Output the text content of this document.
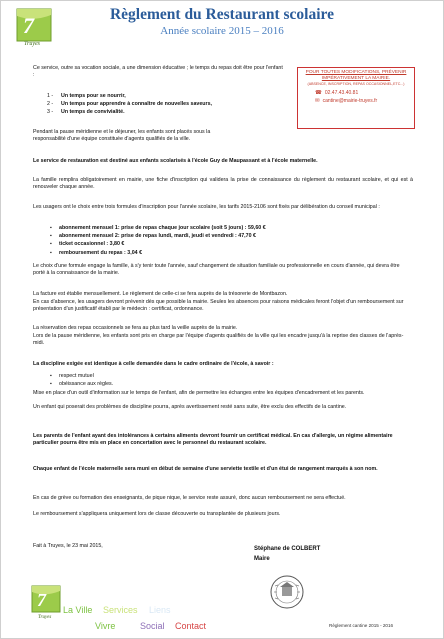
7
Truyes
Règlement du Restaurant scolaire
Année scolaire 2015 – 2016
POUR TOUTES MODIFICATIONS, PRÉVENIR
IMPÉRATIVEMENT LA MAIRIE.
(ABSENCE, INSCRIPTION, REPAS OCCASIONNEL,ETC...)
☎ 02.47.43.40.81
✉ cantine@mairie-truyes.fr
Ce service, outre sa vocation sociale, a une dimension éducative ; le temps du repas doit être pour l'enfant :
1 - Un temps pour se nourrir,
2 - Un temps pour apprendre à connaître de nouvelles saveurs,
3 - Un temps de convivialité.
Pendant la pause méridienne et le déjeuner, les enfants sont placés sous la
responsabilité d'une équipe constituée d'agents qualifiés de la ville.
Le service de restauration est destiné aux enfants scolarisés à l'école Guy de Maupassant et à l'école maternelle.
La famille remplira obligatoirement en mairie, une fiche d'inscription qui validera la prise de connaissance du règlement du restaurant scolaire, et qui est à renouveler chaque année.
Les usagers ont le choix entre trois formules d'inscription pour l'année scolaire, les tarifs 2015-2106 sont fixés par délibération du conseil municipal :
▪ abonnement mensuel 1: prise de repas chaque jour scolaire (soit 5 jours) : 59,60 €
▪ abonnement mensuel 2: prise de repas lundi, mardi, jeudi et vendredi : 47,70 €
▪ ticket occasionnel : 3,80 €
▪ remboursement du repas : 3,04 €
Le choix d'une formule engage la famille, à s'y tenir toute l'année, sauf changement de situation familiale ou professionnelle en cours d'année, qui devra être porté à la connaissance de la mairie.
La facture est établie mensuellement. Le règlement de celle-ci se fera auprès de la trésorerie de Montbazon.
En cas d'absence, les usagers devront prévenir dès que possible la mairie. Seules les absences pour raisons médicales feront l'objet d'un remboursement sur présentation d'un justificatif établi par le médecin : certificat, ordonnance.
La réservation des repas occasionnels se fera au plus tard la veille auprès de la mairie.
Lors de la pause méridienne, les enfants sont pris en charge par l'équipe d'agents qualifiés de la ville qui les encadre jusqu'à la reprise des classes de l'après-midi.
La discipline exigée est identique à celle demandée dans le cadre ordinaire de l'école, à savoir :
▪ respect mutuel
▪ obéissance aux règles.
Mise en place d'un outil d'information sur le temps de l'enfant, afin de permettre les échanges entre les équipes d'encadrement et les parents.
Un enfant qui poserait des problèmes de discipline pourra, après avertissement resté sans suite, être exclu des effectifs de la cantine.
Les parents de l'enfant ayant des intolérances à certains aliments devront fournir un certificat médical. En cas d'allergie, un régime alimentaire particulier pourra être mis en place en concertation avec le personnel du restaurant scolaire.
Chaque enfant de l'école maternelle sera muni en début de semaine d'une serviette textile et d'un étui de rangement marqués à son nom.
En cas de grève ou formation des enseignants, de pique nique, le service reste assuré, donc aucun remboursement ne sera effectué.
Le remboursement s'appliquera uniquement lors de classe découverte ou transplantée de plusieurs jours.
Fait à Truyes, le 23 mai 2015,	Stéphane de COLBERT
Maire
7
Truyes
La Ville Services Liens
Vivre	Social Contact	Règlement cantine 2015 - 2016
